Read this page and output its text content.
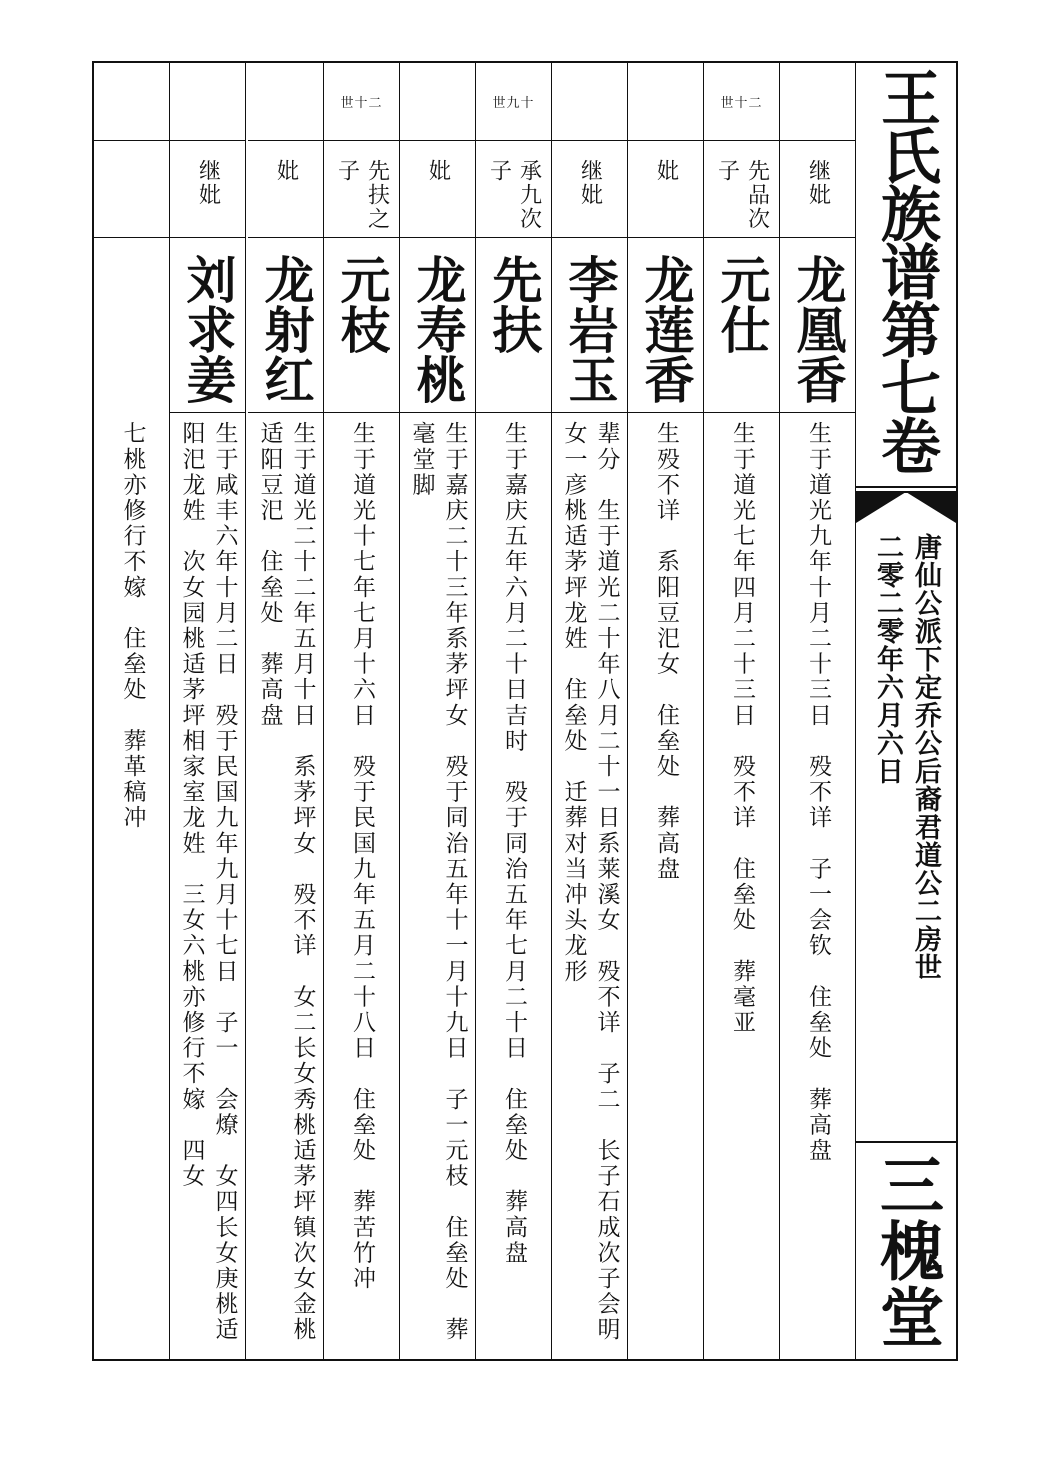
继妣
龙凰香
生于道光九年十月二十三日　殁不详　子一会钦　住垒处　葬高盘
世十二
先品次子
元仕
生于道光七年四月二十三日　殁不详　住垒处　葬毫亚
妣
龙莲香
生殁不详　系阳豆汜女　住垒处　葬高盘
继妣
李岩玉
辈分　生于道光二十年八月二十一日系莱溪女　殁不详　子二　长子石成次子会明　女一彦桃适茅坪龙姓　住垒处　迁葬对当冲头龙形
世九十
承九次子
先扶
生于嘉庆五年六月二十日吉时　殁于同治五年七月二十日　住垒处　葬高盘
妣
龙寿桃
生于嘉庆二十三年系茅坪女　殁于同治五年十一月十九日　子一元枝　住垒处　葬毫堂脚
世十二
先扶之子
元枝
生于道光十七年七月十六日　殁于民国九年五月二十八日　住垒处　葬苦竹冲
妣
龙射红
生于道光二十二年五月十日　系茅坪女　殁不详　女二长女秀桃适茅坪镇次女金桃适阳豆汜　住垒处　葬高盘
继妣
刘求姜
生于咸丰六年十月二日　殁于民国九年九月十七日　子一　会燎　女四长女庚桃适阳汜龙姓　次女园桃适茅坪相家室龙姓　三女六桃亦修行不嫁　四女
七桃亦修行不嫁　住垒处　葬革稿冲
王氏族谱第七卷
二零二零年六月六日 唐仙公派下定乔公后裔君道公二房世
三槐堂
